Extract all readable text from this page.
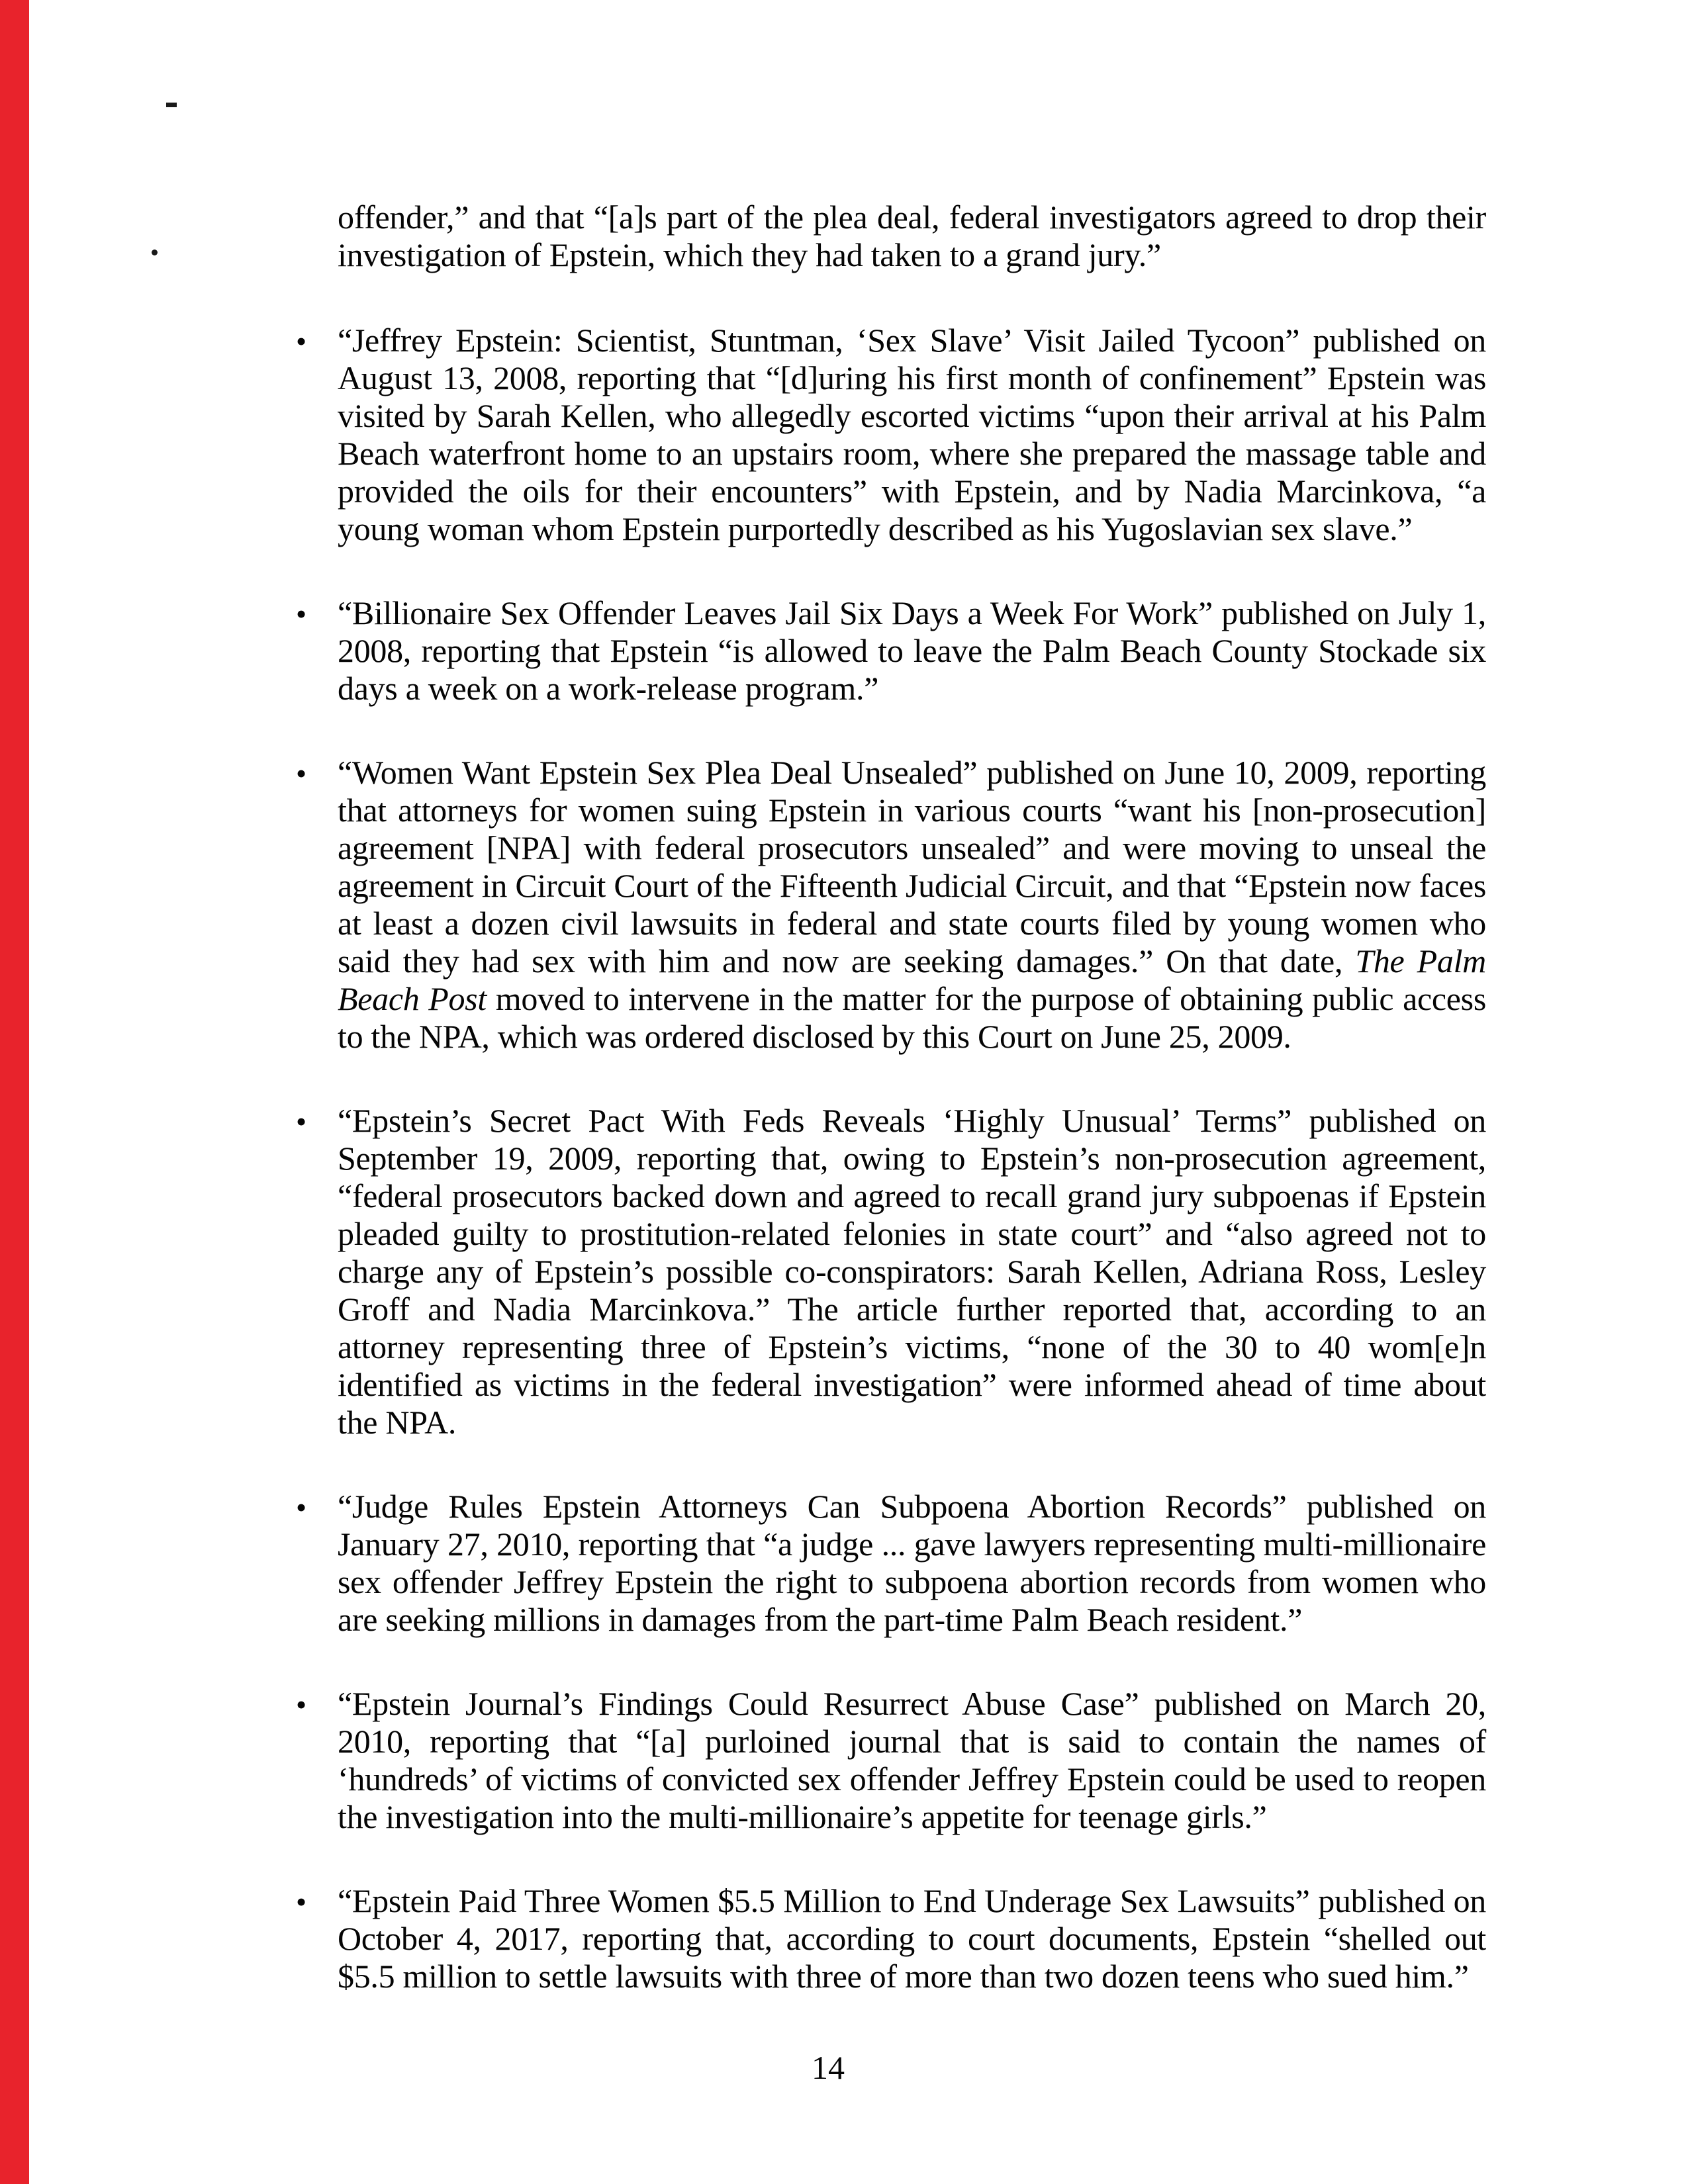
offender,” and that “[a]s part of the plea deal, federal investigators agreed to drop their investigation of Epstein, which they had taken to a grand jury.”

• “Jeffrey Epstein: Scientist, Stuntman, ‘Sex Slave’ Visit Jailed Tycoon” published on August 13, 2008, reporting that “[d]uring his first month of confinement” Epstein was visited by Sarah Kellen, who allegedly escorted victims “upon their arrival at his Palm Beach waterfront home to an upstairs room, where she prepared the massage table and provided the oils for their encounters” with Epstein, and by Nadia Marcinkova, “a young woman whom Epstein purportedly described as his Yugoslavian sex slave.”
• “Billionaire Sex Offender Leaves Jail Six Days a Week For Work” published on July 1, 2008, reporting that Epstein “is allowed to leave the Palm Beach County Stockade six days a week on a work-release program.”
• “Women Want Epstein Sex Plea Deal Unsealed” published on June 10, 2009, reporting that attorneys for women suing Epstein in various courts “want his [non-prosecution] agreement [NPA] with federal prosecutors unsealed” and were moving to unseal the agreement in Circuit Court of the Fifteenth Judicial Circuit, and that “Epstein now faces at least a dozen civil lawsuits in federal and state courts filed by young women who said they had sex with him and now are seeking damages.” On that date, The Palm Beach Post moved to intervene in the matter for the purpose of obtaining public access to the NPA, which was ordered disclosed by this Court on June 25, 2009.
• “Epstein’s Secret Pact With Feds Reveals ‘Highly Unusual’ Terms” published on September 19, 2009, reporting that, owing to Epstein’s non-prosecution agreement, “federal prosecutors backed down and agreed to recall grand jury subpoenas if Epstein pleaded guilty to prostitution-related felonies in state court” and “also agreed not to charge any of Epstein’s possible co-conspirators: Sarah Kellen, Adriana Ross, Lesley Groff and Nadia Marcinkova.” The article further reported that, according to an attorney representing three of Epstein’s victims, “none of the 30 to 40 wom[e]n identified as victims in the federal investigation” were informed ahead of time about the NPA.
• “Judge Rules Epstein Attorneys Can Subpoena Abortion Records” published on January 27, 2010, reporting that “a judge ... gave lawyers representing multi-millionaire sex offender Jeffrey Epstein the right to subpoena abortion records from women who are seeking millions in damages from the part-time Palm Beach resident.”
• “Epstein Journal’s Findings Could Resurrect Abuse Case” published on March 20, 2010, reporting that “[a] purloined journal that is said to contain the names of ‘hundreds’ of victims of convicted sex offender Jeffrey Epstein could be used to reopen the investigation into the multi-millionaire’s appetite for teenage girls.”
• “Epstein Paid Three Women $5.5 Million to End Underage Sex Lawsuits” published on October 4, 2017, reporting that, according to court documents, Epstein “shelled out $5.5 million to settle lawsuits with three of more than two dozen teens who sued him.”
14
